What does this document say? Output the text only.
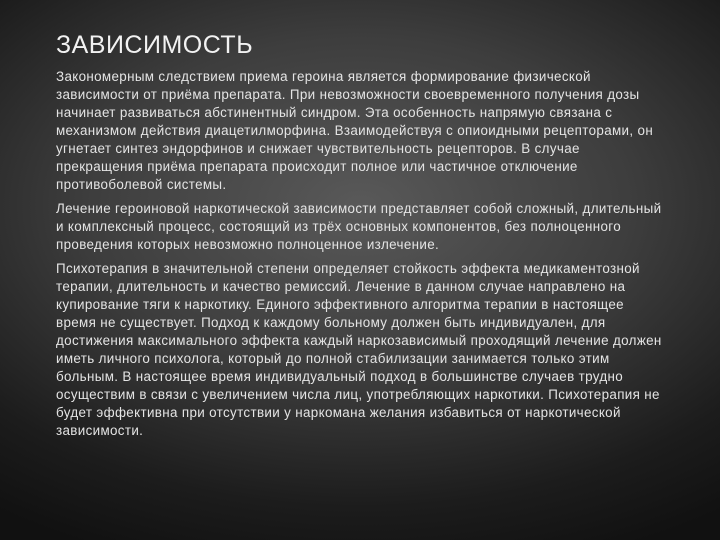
ЗАВИСИМОСТЬ

Закономерным следствием приема героина является формирование физической зависимости от приёма препарата. При невозможности своевременного получения дозы начинает развиваться абстинентный синдром. Эта особенность напрямую связана с механизмом действия диацетилморфина. Взаимодействуя с опиоидными рецепторами, он угнетает синтез эндорфинов и снижает чувствительность рецепторов. В случае прекращения приёма препарата происходит полное или частичное отключение противоболевой системы.

Лечение героиновой наркотической зависимости представляет собой сложный, длительный и комплексный процесс, состоящий из трёх основных компонентов, без полноценного проведения которых невозможно полноценное излечение.

Психотерапия в значительной степени определяет стойкость эффекта медикаментозной терапии, длительность и качество ремиссий. Лечение в данном случае направлено на купирование тяги к наркотику. Единого эффективного алгоритма терапии в настоящее время не существует. Подход к каждому больному должен быть индивидуален, для достижения максимального эффекта каждый наркозависимый проходящий лечение должен иметь личного психолога, который до полной стабилизации занимается только этим больным. В настоящее время индивидуальный подход в большинстве случаев трудно осуществим в связи с увеличением числа лиц, употребляющих наркотики. Психотерапия не будет эффективна при отсутствии у наркомана желания избавиться от наркотической зависимости.
